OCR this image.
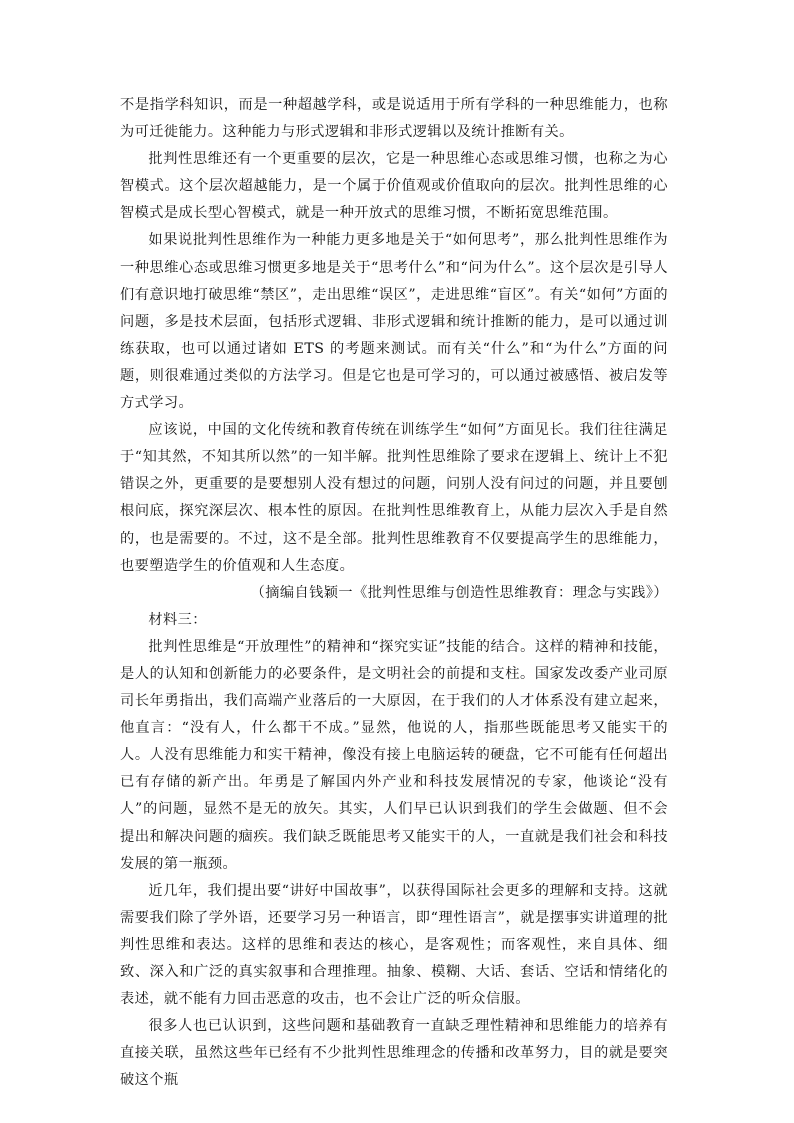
不是指学科知识，而是一种超越学科，或是说适用于所有学科的一种思维能力，也称为可迁徙能力。这种能力与形式逻辑和非形式逻辑以及统计推断有关。

批判性思维还有一个更重要的层次，它是一种思维心态或思维习惯，也称之为心智模式。这个层次超越能力，是一个属于价值观或价值取向的层次。批判性思维的心智模式是成长型心智模式，就是一种开放式的思维习惯，不断拓宽思维范围。

如果说批判性思维作为一种能力更多地是关于“如何思考”，那么批判性思维作为一种思维心态或思维习惯更多地是关于“思考什么”和“问为什么”。这个层次是引导人们有意识地打破思维“禁区”，走出思维“误区”，走进思维“盲区”。有关“如何”方面的问题，多是技术层面，包括形式逻辑、非形式逻辑和统计推断的能力，是可以通过训练获取，也可以通过诸如 ETS 的考题来测试。而有关“什么”和“为什么”方面的问题，则很难通过类似的方法学习。但是它也是可学习的，可以通过被感悟、被启发等方式学习。

应该说，中国的文化传统和教育传统在训练学生“如何”方面见长。我们往往满足于“知其然，不知其所以然”的一知半解。批判性思维除了要求在逻辑上、统计上不犯错误之外，更重要的是要想别人没有想过的问题，问别人没有问过的问题，并且要刨根问底，探究深层次、根本性的原因。在批判性思维教育上，从能力层次入手是自然的，也是需要的。不过，这不是全部。批判性思维教育不仅要提高学生的思维能力，也要塑造学生的价值观和人生态度。

（摘编自钱颖一《批判性思维与创造性思维教育：理念与实践》）

材料三：

批判性思维是“开放理性”的精神和“探究实证”技能的结合。这样的精神和技能，是人的认知和创新能力的必要条件，是文明社会的前提和支柱。国家发改委产业司原司长年勇指出，我们高端产业落后的一大原因，在于我们的人才体系没有建立起来，他直言：“没有人，什么都干不成。”显然，他说的人，指那些既能思考又能实干的人。人没有思维能力和实干精神，像没有接上电脑运转的硬盘，它不可能有任何超出已有存储的新产出。年勇是了解国内外产业和科技发展情况的专家，他谈论“没有人”的问题，显然不是无的放矢。其实，人们早已认识到我们的学生会做题、但不会提出和解决问题的痼疾。我们缺乏既能思考又能实干的人，一直就是我们社会和科技发展的第一瓶颈。

近几年，我们提出要“讲好中国故事”，以获得国际社会更多的理解和支持。这就需要我们除了学外语，还要学习另一种语言，即“理性语言”，就是摆事实讲道理的批判性思维和表达。这样的思维和表达的核心，是客观性；而客观性，来自具体、细致、深入和广泛的真实叙事和合理推理。抽象、模糊、大话、套话、空话和情绪化的表述，就不能有力回击恶意的攻击，也不会让广泛的听众信服。

很多人也已认识到，这些问题和基础教育一直缺乏理性精神和思维能力的培养有直接关联，虽然这些年已经有不少批判性思维理念的传播和改革努力，目的就是要突破这个瓶
